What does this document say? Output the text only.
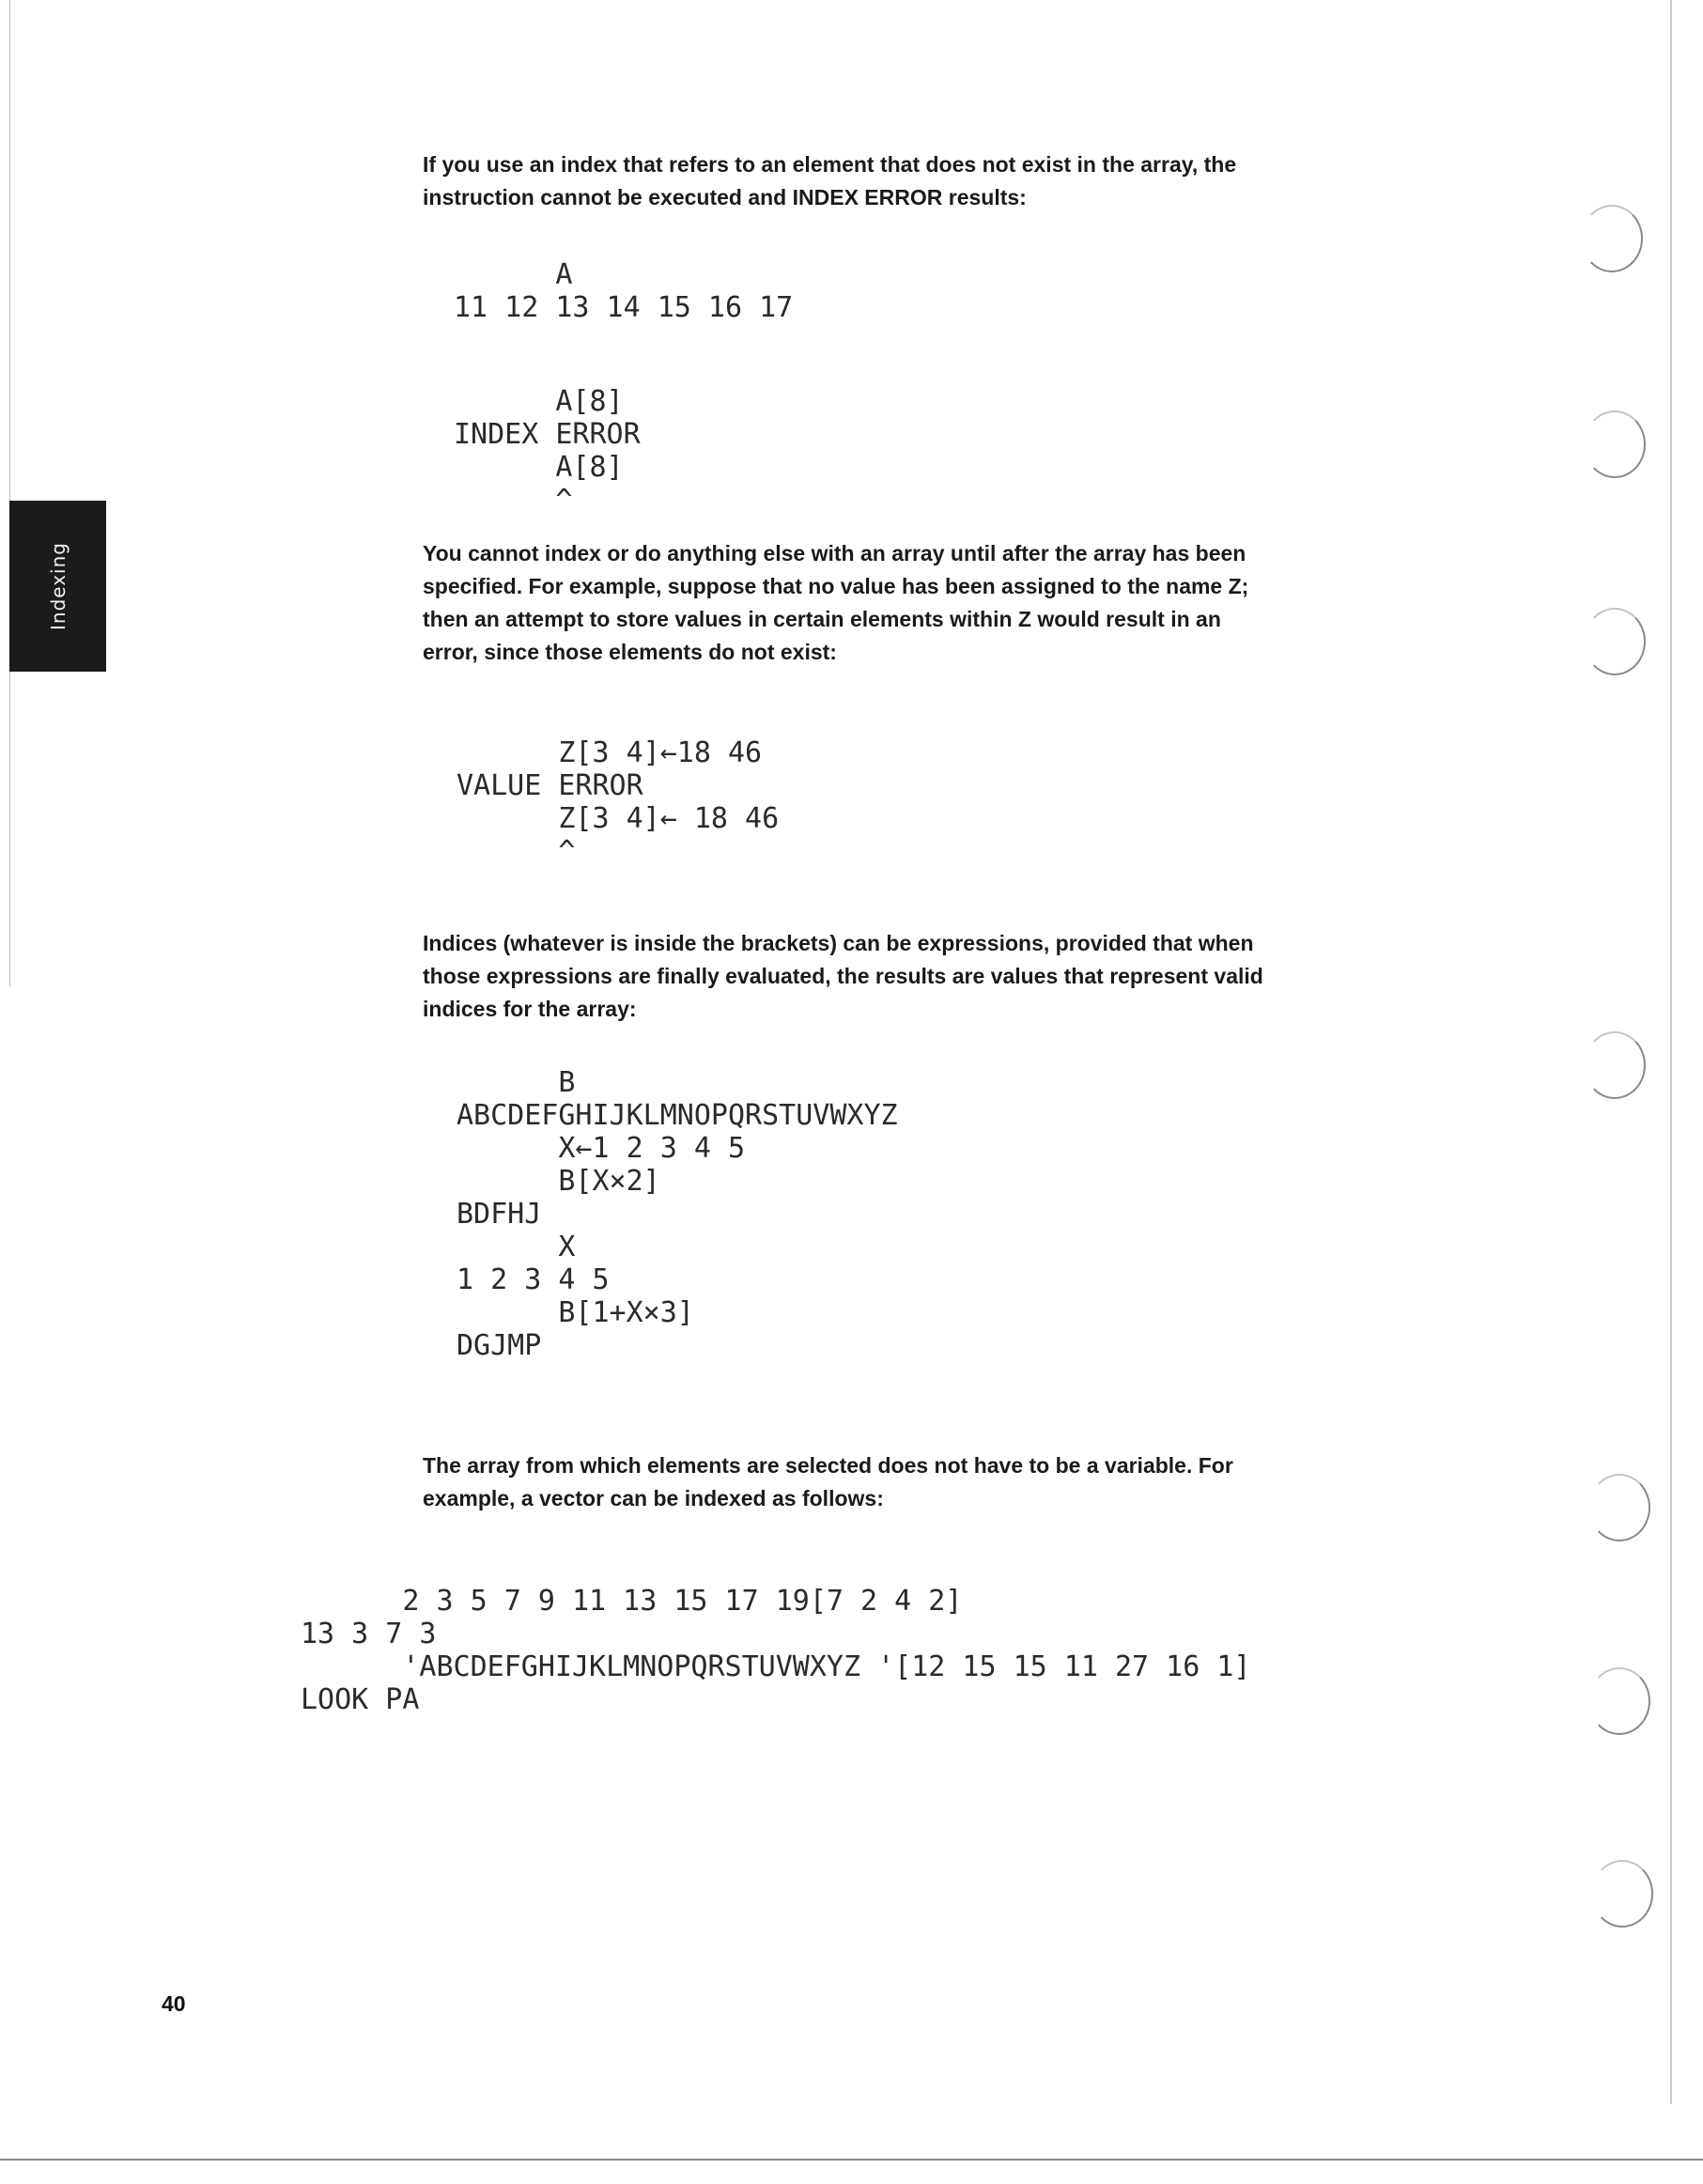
Indexing

If you use an index that refers to an element that does not exist in the array, the
instruction cannot be executed and INDEX ERROR results:

A
11 12 13 14 15 16 17
A[8]
INDEX ERROR
A[8]
^

You cannot index or do anything else with an array until after the array has been
specified. For example, suppose that no value has been assigned to the name Z;
then an attempt to store values in certain elements within Z would result in an
error, since those elements do not exist:

Z[3 4]←18 46
VALUE ERROR
Z[3 4]← 18 46
^

Indices (whatever is inside the brackets) can be expressions, provided that when
those expressions are finally evaluated, the results are values that represent valid
indices for the array:

B
ABCDEFGHIJKLMNOPQRSTUVWXYZ
X←1 2 3 4 5
B[X×2]
BDFHJ
X
1 2 3 4 5
B[1+X×3]
DGJMP

The array from which elements are selected does not have to be a variable. For
example, a vector can be indexed as follows:

2 3 5 7 9 11 13 15 17 19[7 2 4 2]
13 3 7 3
'ABCDEFGHIJKLMNOPQRSTUVWXYZ '[12 15 15 11 27 16 1]
LOOK PA
40
